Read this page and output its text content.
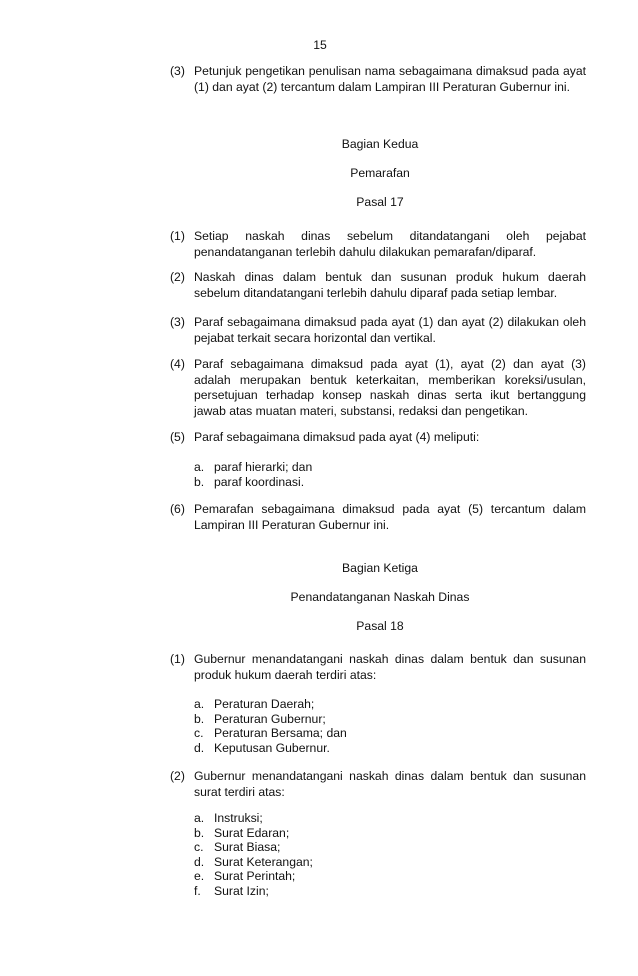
15
(3) Petunjuk pengetikan penulisan nama sebagaimana dimaksud pada ayat (1) dan ayat (2) tercantum dalam Lampiran III Peraturan Gubernur ini.
Bagian Kedua
Pemarafan
Pasal 17
(1) Setiap naskah dinas sebelum ditandatangani oleh pejabat penandatanganan terlebih dahulu dilakukan pemarafan/diparaf.
(2) Naskah dinas dalam bentuk dan susunan produk hukum daerah sebelum ditandatangani terlebih dahulu diparaf pada setiap lembar.
(3) Paraf sebagaimana dimaksud pada ayat (1) dan ayat (2) dilakukan oleh pejabat terkait secara horizontal dan vertikal.
(4) Paraf sebagaimana dimaksud pada ayat (1), ayat (2) dan ayat (3) adalah merupakan bentuk keterkaitan, memberikan koreksi/usulan, persetujuan terhadap konsep naskah dinas serta ikut bertanggung jawab atas muatan materi, substansi, redaksi dan pengetikan.
(5) Paraf sebagaimana dimaksud pada ayat (4) meliputi:
a. paraf hierarki; dan
b. paraf koordinasi.
(6) Pemarafan sebagaimana dimaksud pada ayat (5) tercantum dalam Lampiran III Peraturan Gubernur ini.
Bagian Ketiga
Penandatanganan Naskah Dinas
Pasal 18
(1) Gubernur menandatangani naskah dinas dalam bentuk dan susunan produk hukum daerah terdiri atas:
a. Peraturan Daerah;
b. Peraturan Gubernur;
c. Peraturan Bersama; dan
d. Keputusan Gubernur.
(2) Gubernur menandatangani naskah dinas dalam bentuk dan susunan surat terdiri atas:
a. Instruksi;
b. Surat Edaran;
c. Surat Biasa;
d. Surat Keterangan;
e. Surat Perintah;
f. Surat Izin;
